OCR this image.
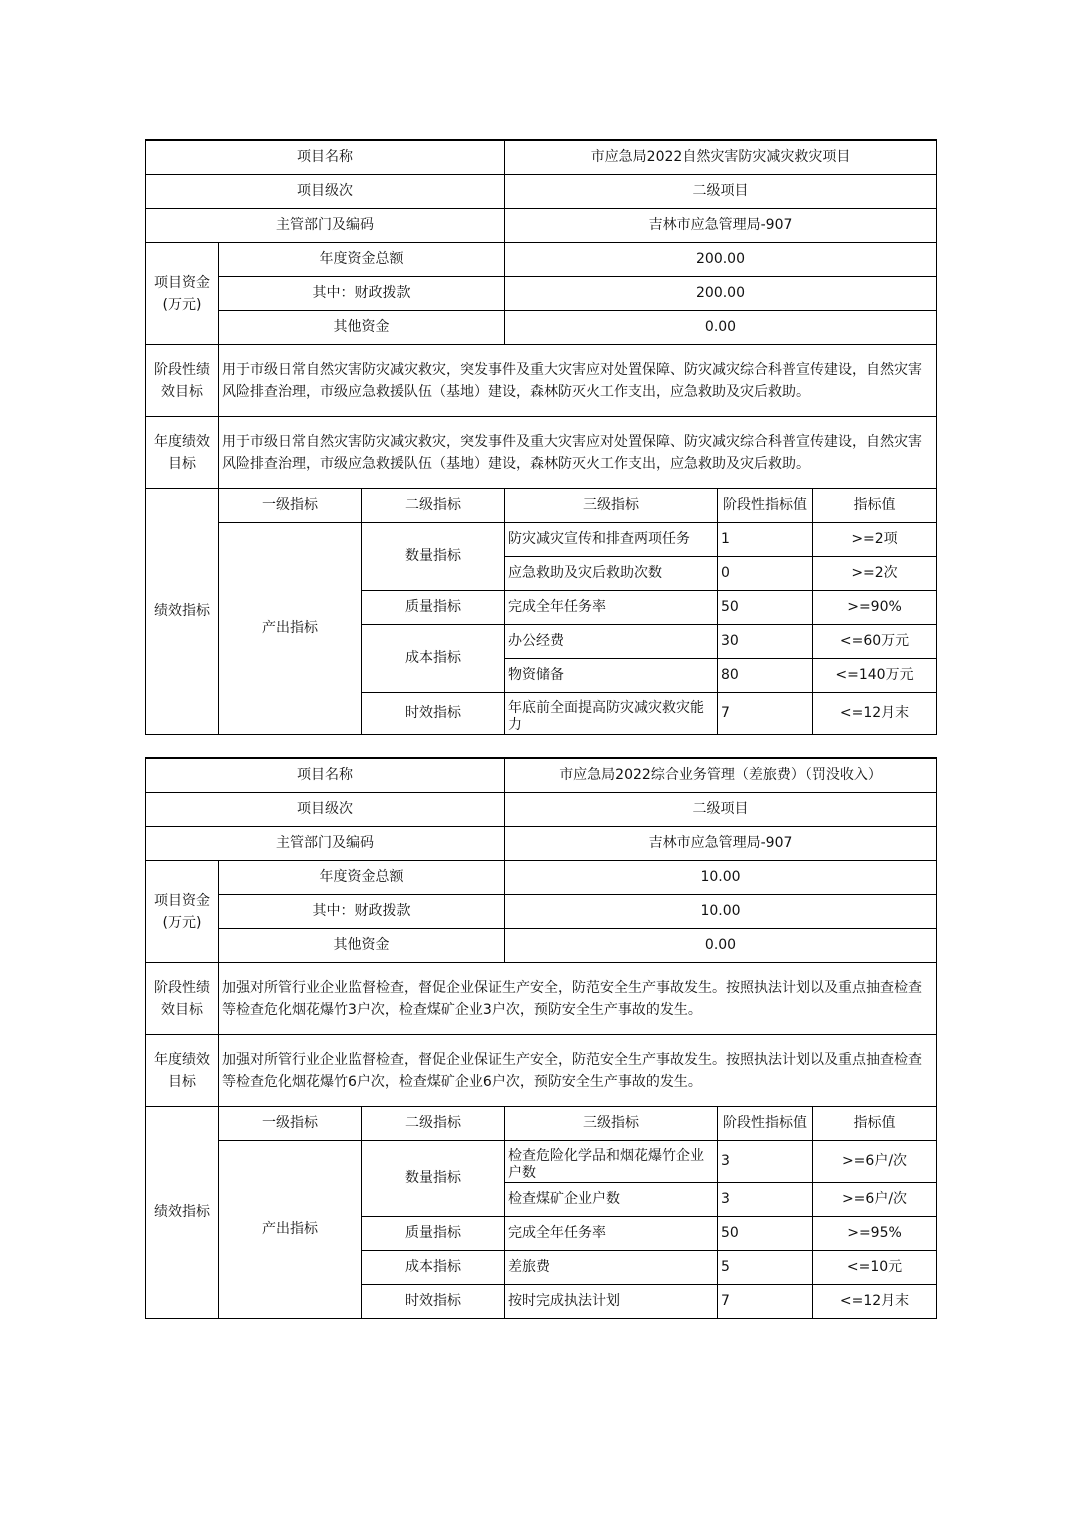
项目名称			市应急局2022自然灾害防灾减灾救灾项目		
项目级次			二级项目		
主管部门及编码			吉林市应急管理局-907		
项目资金
(万元)	年度资金总额		200.00		
	其中：财政拨款		200.00		
	其他资金		0.00		
阶段性绩效目标	用于市级日常自然灾害防灾减灾救灾，突发事件及重大灾害应对处置保障、防灾减灾综合科普宣传建设，自然灾害风险排查治理，市级应急救援队伍（基地）建设，森林防灭火工作支出，应急救助及灾后救助。				
年度绩效目标	用于市级日常自然灾害防灾减灾救灾，突发事件及重大灾害应对处置保障、防灾减灾综合科普宣传建设，自然灾害风险排查治理，市级应急救援队伍（基地）建设，森林防灭火工作支出，应急救助及灾后救助。				
绩效指标	一级指标	二级指标	三级指标	阶段性指标值	指标值
	产出指标	数量指标	防灾减灾宣传和排查两项任务	1	>=2项
			应急救助及灾后救助次数	0	>=2次
		质量指标	完成全年任务率	50	>=90%
		成本指标	办公经费	30	<=60万元
			物资储备	80	<=140万元
		时效指标	年底前全面提高防灾减灾救灾能力	7	<=12月末
项目名称			市应急局2022综合业务管理（差旅费）（罚没收入）		
项目级次			二级项目		
主管部门及编码			吉林市应急管理局-907		
项目资金
(万元)	年度资金总额		10.00		
	其中：财政拨款		10.00		
	其他资金		0.00		
阶段性绩效目标	加强对所管行业企业监督检查，督促企业保证生产安全，防范安全生产事故发生。按照执法计划以及重点抽查检查等检查危化烟花爆竹3户次，检查煤矿企业3户次，预防安全生产事故的发生。				
年度绩效目标	加强对所管行业企业监督检查，督促企业保证生产安全，防范安全生产事故发生。按照执法计划以及重点抽查检查等检查危化烟花爆竹6户次，检查煤矿企业6户次，预防安全生产事故的发生。				
绩效指标	一级指标	二级指标	三级指标	阶段性指标值	指标值
	产出指标	数量指标	检查危险化学品和烟花爆竹企业户数	3	>=6户/次
			检查煤矿企业户数	3	>=6户/次
		质量指标	完成全年任务率	50	>=95%
		成本指标	差旅费	5	<=10元
		时效指标	按时完成执法计划	7	<=12月末
